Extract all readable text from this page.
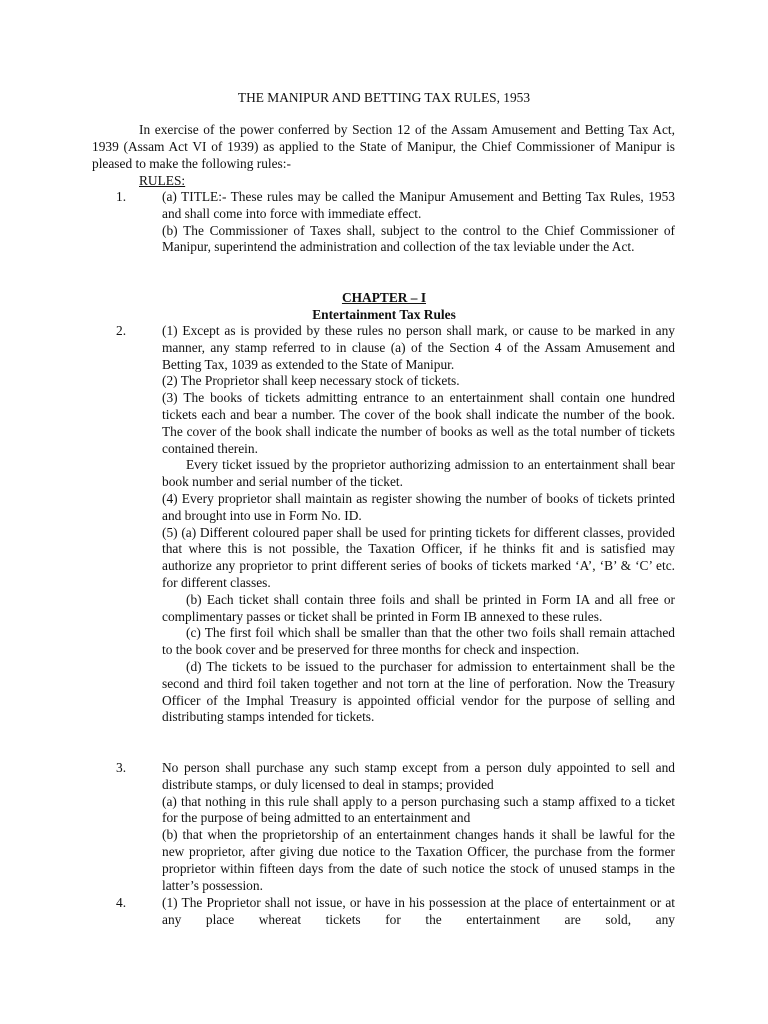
THE MANIPUR AND BETTING TAX RULES, 1953

In exercise of the power conferred by Section 12 of the Assam Amusement and Betting Tax Act, 1939 (Assam Act VI of 1939) as applied to the State of Manipur, the Chief Commissioner of Manipur is pleased to make the following rules:-

RULES:
1.	(a) TITLE:- These rules may be called the Manipur Amusement and Betting Tax Rules, 1953 and shall come into force with immediate effect.

(b) The Commissioner of Taxes shall, subject to the control to the Chief Commissioner of Manipur, superintend the administration and collection of the tax leviable under the Act.

CHAPTER – I
Entertainment Tax Rules
2.	(1) Except as is provided by these rules no person shall mark, or cause to be marked in any manner, any stamp referred to in clause (a) of the Section 4 of the Assam Amusement and Betting Tax, 1039 as extended to the State of Manipur.

(2) The Proprietor shall keep necessary stock of tickets.

(3) The books of tickets admitting entrance to an entertainment shall contain one hundred tickets each and bear a number. The cover of the book shall indicate the number of the book. The cover of the book shall indicate the number of books as well as the total number of tickets contained therein.

Every ticket issued by the proprietor authorizing admission to an entertainment shall bear book number and serial number of the ticket.

(4) Every proprietor shall maintain as register showing the number of books of tickets printed and brought into use in Form No. ID.

(5) (a) Different coloured paper shall be used for printing tickets for different classes, provided that where this is not possible, the Taxation Officer, if he thinks fit and is satisfied may authorize any proprietor to print different series of books of tickets marked ‘A’, ‘B’ & ‘C’ etc. for different classes.

(b) Each ticket shall contain three foils and shall be printed in Form IA and all free or complimentary passes or ticket shall be printed in Form IB annexed to these rules.

(c) The first foil which shall be smaller than that the other two foils shall remain attached to the book cover and be preserved for three months for check and inspection.

(d) The tickets to be issued to the purchaser for admission to entertainment shall be the second and third foil taken together and not torn at the line of perforation. Now the Treasury Officer of the Imphal Treasury is appointed official vendor for the purpose of selling and distributing stamps intended for tickets.

3.	No person shall purchase any such stamp except from a person duly appointed to sell and distribute stamps, or duly licensed to deal in stamps; provided

(a) that nothing in this rule shall apply to a person purchasing such a stamp affixed to a ticket for the purpose of being admitted to an entertainment and

(b) that when the proprietorship of an entertainment changes hands it shall be lawful for the new proprietor, after giving due notice to the Taxation Officer, the purchase from the former proprietor within fifteen days from the date of such notice the stock of unused stamps in the latter’s possession.

4.	(1) The Proprietor shall not issue, or have in his possession at the place of entertainment or at any place whereat tickets for the entertainment are sold, any
